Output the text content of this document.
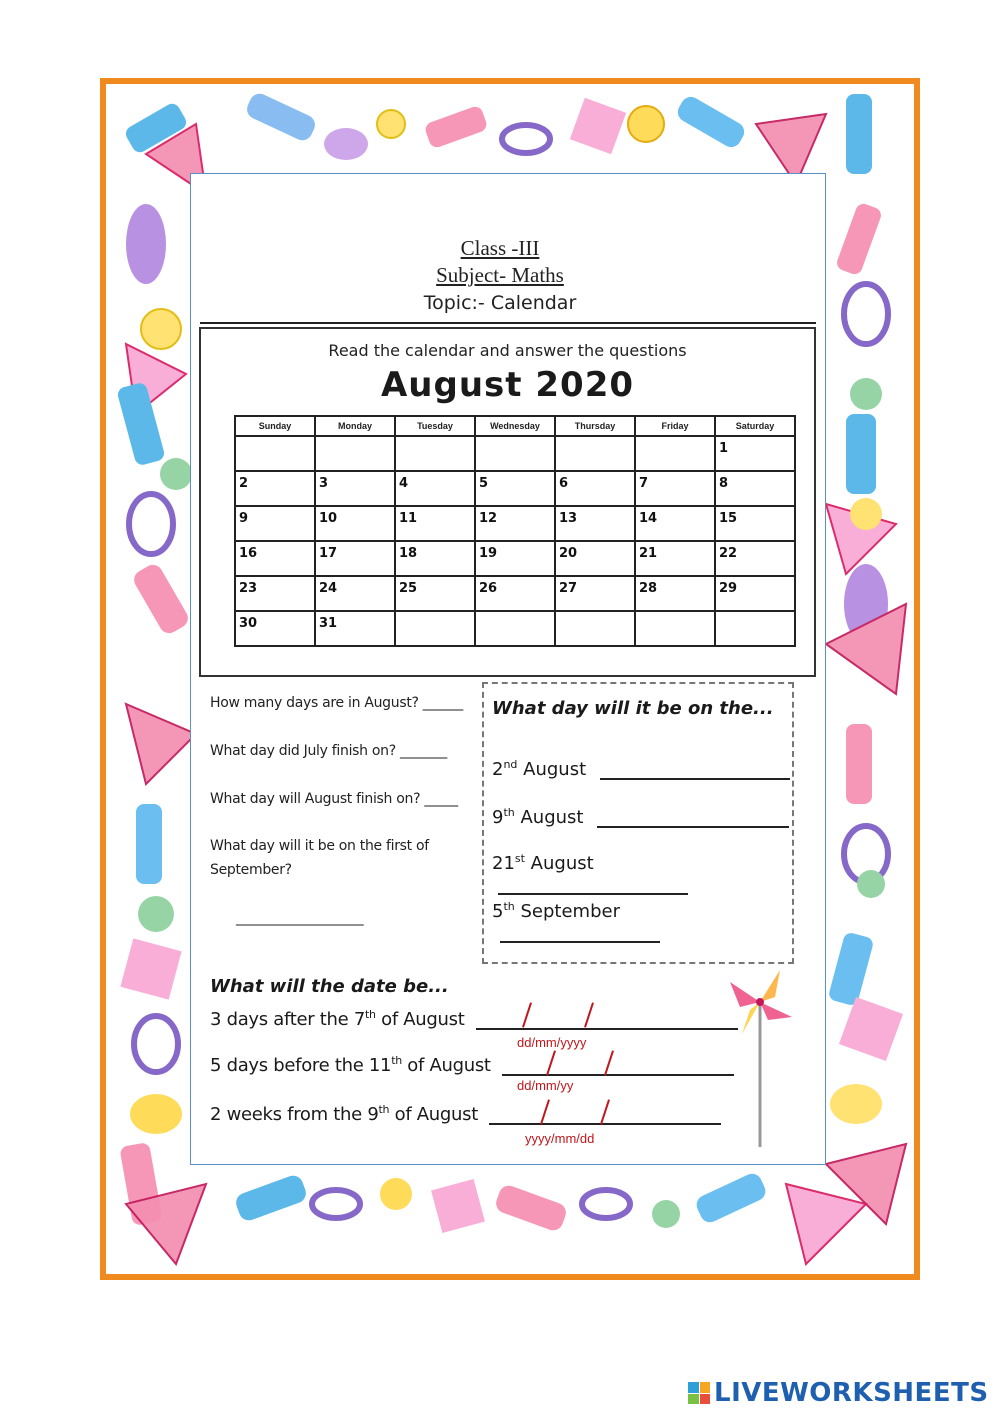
Class -III
Subject- Maths
Topic:- Calendar
Read the calendar and answer the questions
August 2020
Sunday	Monday	Tuesday	Wednesday	Thursday	Friday	Saturday
						1
2	3	4	5	6	7	8
9	10	11	12	13	14	15
16	17	18	19	20	21	22
23	24	25	26	27	28	29
30	31					
How many days are in August? ______
What day did July finish on? _______
What day will August finish on? _____
What day will it be on the first of
September?
___________________
What day will it be on the...
2nd August
9th August
21st August
5th September
What will the date be...
3 days after the 7th of August
dd/mm/yyyy
5 days before the 11th of August
dd/mm/yy
2 weeks from the 9th of August
yyyy/mm/dd
LIVEWORKSHEETS
